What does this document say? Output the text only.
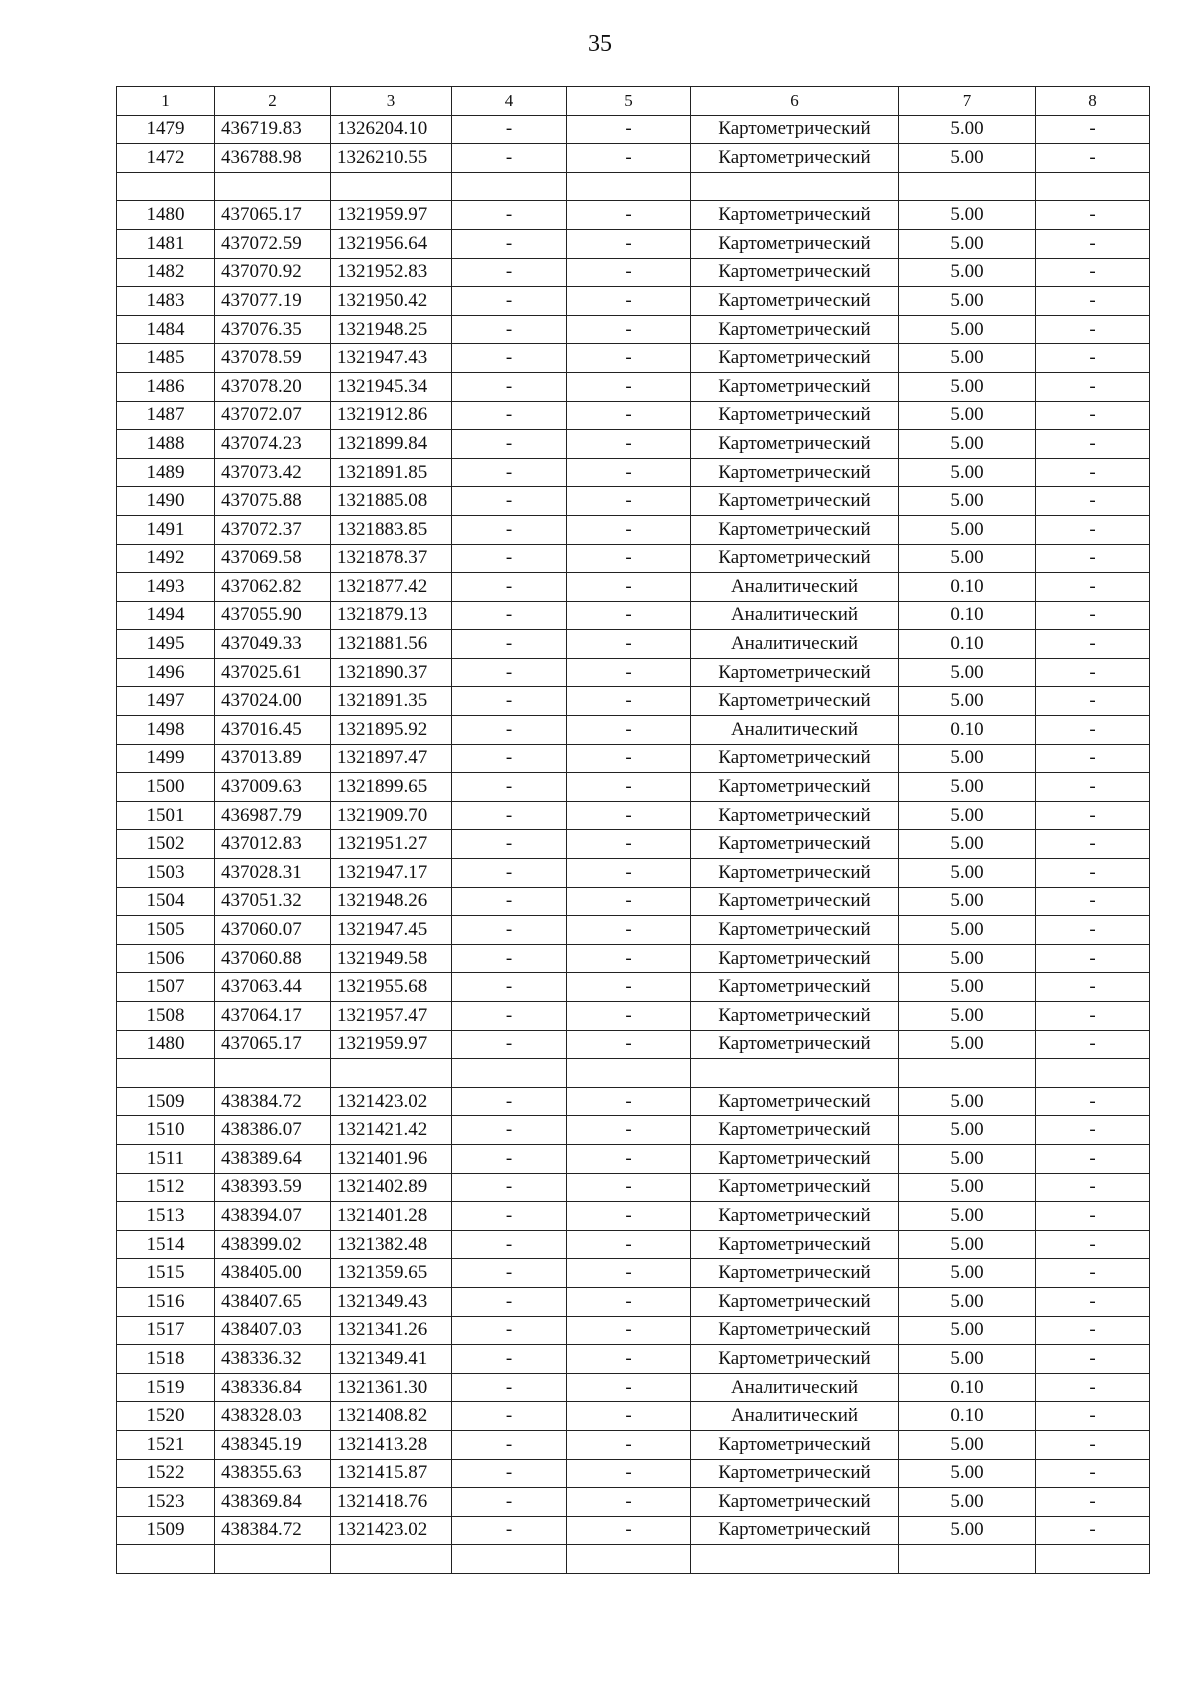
35
1	2	3	4	5	6	7	8
1479	436719.83	1326204.10	-	-	Картометрический	5.00	-
1472	436788.98	1326210.55	-	-	Картометрический	5.00	-

1480	437065.17	1321959.97	-	-	Картометрический	5.00	-
1481	437072.59	1321956.64	-	-	Картометрический	5.00	-
1482	437070.92	1321952.83	-	-	Картометрический	5.00	-
1483	437077.19	1321950.42	-	-	Картометрический	5.00	-
1484	437076.35	1321948.25	-	-	Картометрический	5.00	-
1485	437078.59	1321947.43	-	-	Картометрический	5.00	-
1486	437078.20	1321945.34	-	-	Картометрический	5.00	-
1487	437072.07	1321912.86	-	-	Картометрический	5.00	-
1488	437074.23	1321899.84	-	-	Картометрический	5.00	-
1489	437073.42	1321891.85	-	-	Картометрический	5.00	-
1490	437075.88	1321885.08	-	-	Картометрический	5.00	-
1491	437072.37	1321883.85	-	-	Картометрический	5.00	-
1492	437069.58	1321878.37	-	-	Картометрический	5.00	-
1493	437062.82	1321877.42	-	-	Аналитический	0.10	-
1494	437055.90	1321879.13	-	-	Аналитический	0.10	-
1495	437049.33	1321881.56	-	-	Аналитический	0.10	-
1496	437025.61	1321890.37	-	-	Картометрический	5.00	-
1497	437024.00	1321891.35	-	-	Картометрический	5.00	-
1498	437016.45	1321895.92	-	-	Аналитический	0.10	-
1499	437013.89	1321897.47	-	-	Картометрический	5.00	-
1500	437009.63	1321899.65	-	-	Картометрический	5.00	-
1501	436987.79	1321909.70	-	-	Картометрический	5.00	-
1502	437012.83	1321951.27	-	-	Картометрический	5.00	-
1503	437028.31	1321947.17	-	-	Картометрический	5.00	-
1504	437051.32	1321948.26	-	-	Картометрический	5.00	-
1505	437060.07	1321947.45	-	-	Картометрический	5.00	-
1506	437060.88	1321949.58	-	-	Картометрический	5.00	-
1507	437063.44	1321955.68	-	-	Картометрический	5.00	-
1508	437064.17	1321957.47	-	-	Картометрический	5.00	-
1480	437065.17	1321959.97	-	-	Картометрический	5.00	-

1509	438384.72	1321423.02	-	-	Картометрический	5.00	-
1510	438386.07	1321421.42	-	-	Картометрический	5.00	-
1511	438389.64	1321401.96	-	-	Картометрический	5.00	-
1512	438393.59	1321402.89	-	-	Картометрический	5.00	-
1513	438394.07	1321401.28	-	-	Картометрический	5.00	-
1514	438399.02	1321382.48	-	-	Картометрический	5.00	-
1515	438405.00	1321359.65	-	-	Картометрический	5.00	-
1516	438407.65	1321349.43	-	-	Картометрический	5.00	-
1517	438407.03	1321341.26	-	-	Картометрический	5.00	-
1518	438336.32	1321349.41	-	-	Картометрический	5.00	-
1519	438336.84	1321361.30	-	-	Аналитический	0.10	-
1520	438328.03	1321408.82	-	-	Аналитический	0.10	-
1521	438345.19	1321413.28	-	-	Картометрический	5.00	-
1522	438355.63	1321415.87	-	-	Картометрический	5.00	-
1523	438369.84	1321418.76	-	-	Картометрический	5.00	-
1509	438384.72	1321423.02	-	-	Картометрический	5.00	-
